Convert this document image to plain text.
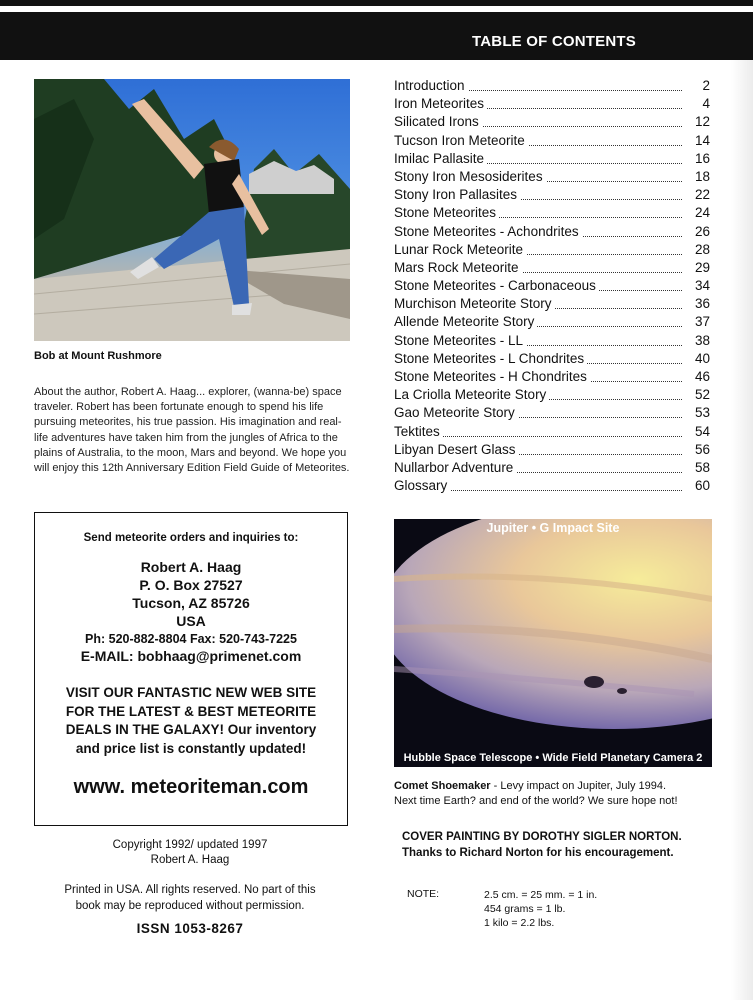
TABLE OF CONTENTS
Bob at Mount Rushmore
About the author, Robert A. Haag... explorer, (wanna-be) space traveler. Robert has been fortunate enough to spend his life pursuing meteorites, his true passion. His imagination and real-life adventures have taken him from the jungles of Africa to the plains of Australia, to the moon, Mars and beyond. We hope you will enjoy this 12th Anniversary Edition Field Guide of Meteorites.
Send meteorite orders and inquiries to:
Robert A. Haag
P. O. Box 27527
Tucson, AZ 85726
USA
Ph: 520-882-8804 Fax: 520-743-7225
E-MAIL: bobhaag@primenet.com
VISIT OUR FANTASTIC NEW WEB SITE
FOR THE LATEST & BEST METEORITE
DEALS IN THE GALAXY! Our inventory
and price list is constantly updated!
www. meteoriteman.com
Copyright 1992/ updated 1997
Robert A. Haag
Printed in USA. All rights reserved. No part of this
book may be reproduced without permission.
ISSN 1053-8267
Introduction	2
Iron Meteorites	4
Silicated Irons	12
Tucson Iron Meteorite	14
Imilac Pallasite	16
Stony Iron Mesosiderites	18
Stony Iron Pallasites	22
Stone Meteorites	24
Stone Meteorites - Achondrites	26
Lunar Rock Meteorite	28
Mars Rock Meteorite	29
Stone Meteorites - Carbonaceous	34
Murchison Meteorite Story	36
Allende Meteorite Story	37
Stone Meteorites - LL	38
Stone Meteorites - L Chondrites	40
Stone Meteorites - H Chondrites	46
La Criolla Meteorite Story	52
Gao Meteorite Story	53
Tektites	54
Libyan Desert Glass	56
Nullarbor Adventure	58
Glossary	60
Jupiter • G Impact Site
Hubble Space Telescope • Wide Field Planetary Camera 2
Comet Shoemaker - Levy impact on Jupiter, July 1994.
Next time Earth? and end of the world? We sure hope not!
COVER PAINTING BY DOROTHY SIGLER NORTON.
Thanks to Richard Norton for his encouragement.
NOTE:	2.5 cm. = 25 mm. = 1 in.
454 grams = 1 lb.
1 kilo = 2.2 lbs.
